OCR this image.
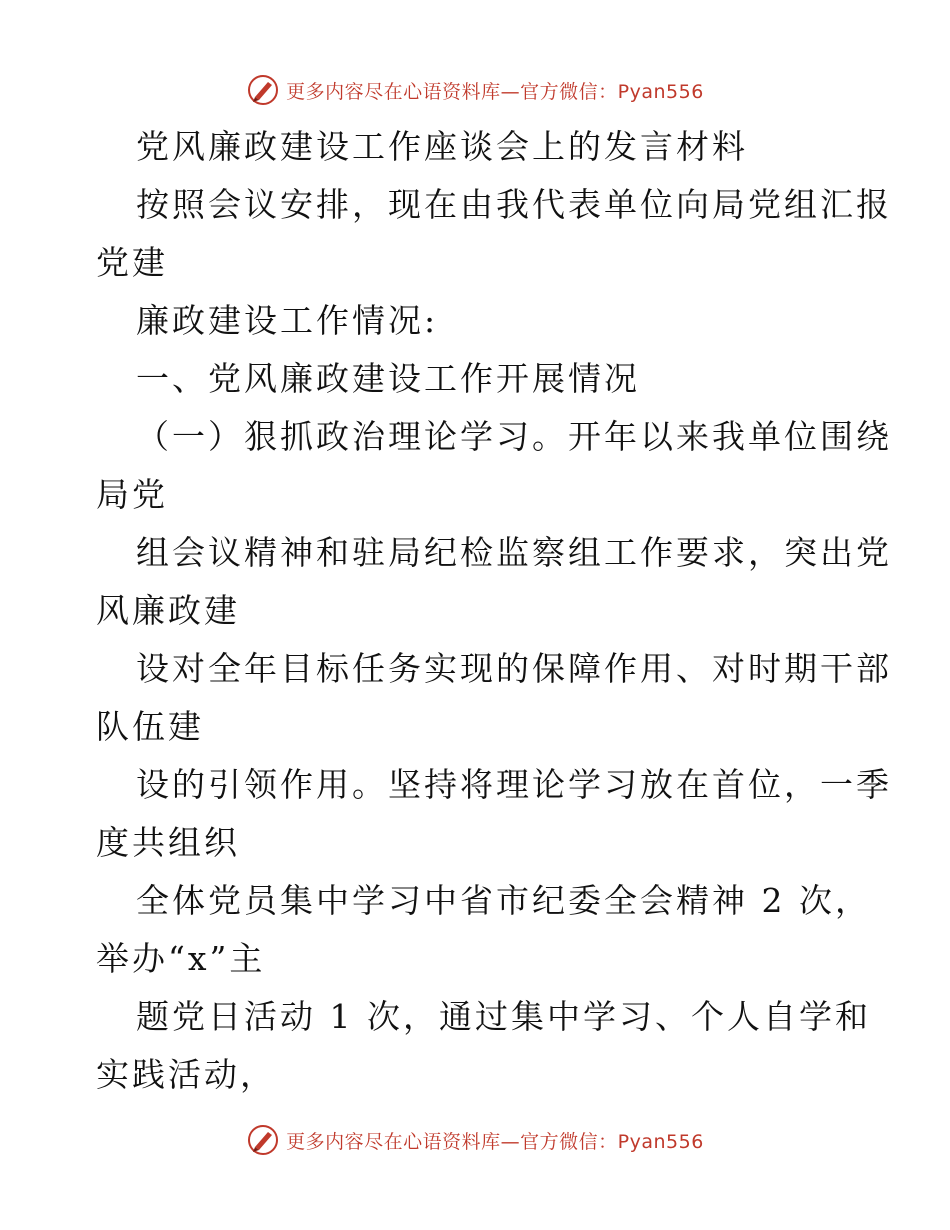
更多内容尽在心语资料库—官方微信：Pyan556
党风廉政建设工作座谈会上的发言材料
按照会议安排，现在由我代表单位向局党组汇报
党建
廉政建设工作情况:
一、党风廉政建设工作开展情况
（一）狠抓政治理论学习。开年以来我单位围绕
局党
组会议精神和驻局纪检监察组工作要求，突出党
风廉政建
设对全年目标任务实现的保障作用、对时期干部
队伍建
设的引领作用。坚持将理论学习放在首位，一季
度共组织
全体党员集中学习中省市纪委全会精神 2 次，
举办“x”主
题党日活动 1 次，通过集中学习、个人自学和
实践活动，
更多内容尽在心语资料库—官方微信：Pyan556
